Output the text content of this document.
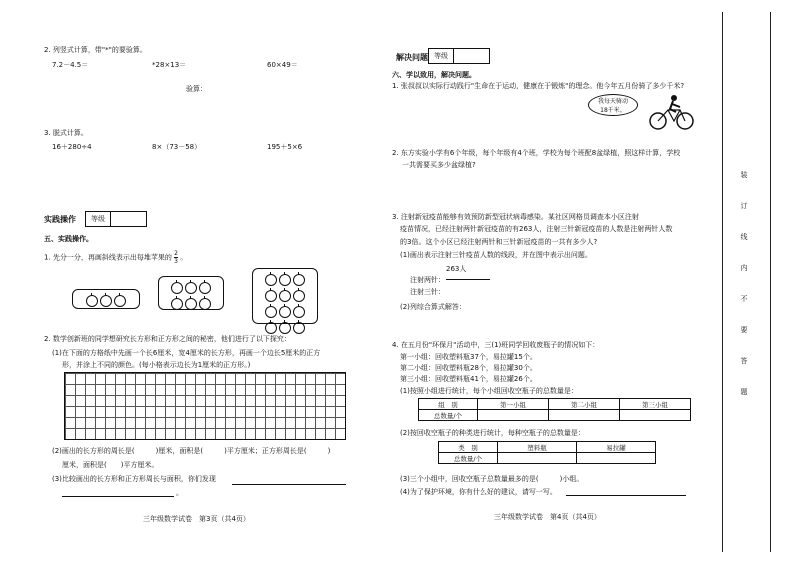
2. 列竖式计算，带"*"的要验算。
7.2－4.5＝	*28×13＝	60×49＝
验算：
3. 脱式计算。
16＋280÷4	8×（73－58）	195＋5×6
实践操作	等级
五、实践操作。
1. 先分一分，再画斜线表示出每堆苹果的 $\frac{2}{3}$ 。

2. 数学创新班的同学想研究长方形和正方形之间的秘密，他们进行了以下探究：
(1)在下面的方格纸中先画一个长6厘米，宽4厘米的长方形，再画一个边长5厘米的正方
形，并涂上不同的颜色。(每小格表示边长为1厘米的正方形。)
(2)画出的长方形的周长是(　　　)厘米，面积是(　　　)平方厘米；正方形周长是(　　　)
厘米，面积是(　　)平方厘米。
(3)比较画出的长方形和正方形周长与面积，你们发现
。
三年级数学试卷　第3页（共4页）
解决问题 等级
六、学以致用，解决问题。
1. 张叔叔以实际行动践行"生命在于运动，健康在于锻炼"的理念。他今年五月份骑了多少千米?
我每天骑动
18千米。
2. 东方实验小学有6个年级，每个年级有4个班，学校为每个班配8盆绿植，照这样计算，学校
一共需要买多少盆绿植?
3. 注射新冠疫苗能够有效预防新型冠状病毒感染。某社区网格员调查本小区注射
疫苗情况，已经注射两针新冠疫苗的有263人，注射三针新冠疫苗的人数是注射两针人数
的3倍。这个小区已经注射两针和三针新冠疫苗的一共有多少人?
(1)画出表示注射三针疫苗人数的线段，并在图中表示出问题。
263人
注射两针：
注射三针：
(2)列综合算式解答：
4. 在五月份"环保月"活动中，三(1)班同学回收废瓶子的情况如下：
第一小组：回收塑料瓶37个，易拉罐15个。
第二小组：回收塑料瓶28个，易拉罐30个。
第三小组：回收塑料瓶41个，易拉罐26个。
(1)按照小组进行统计，每个小组回收空瓶子的总数量是：
组　别	第一小组	第二小组	第三小组
总数量/个			
(2)按回收空瓶子的种类进行统计，每种空瓶子的总数量是：
类　别	塑料瓶	易拉罐
总数量/个		
(3)三个小组中，回收空瓶子总数量最多的是(　　　)小组。
(4)为了保护环境，你有什么好的建议，请写一写。
三年级数学试卷　第4页（共4页）
装
订
线
内
不
要
答
题
